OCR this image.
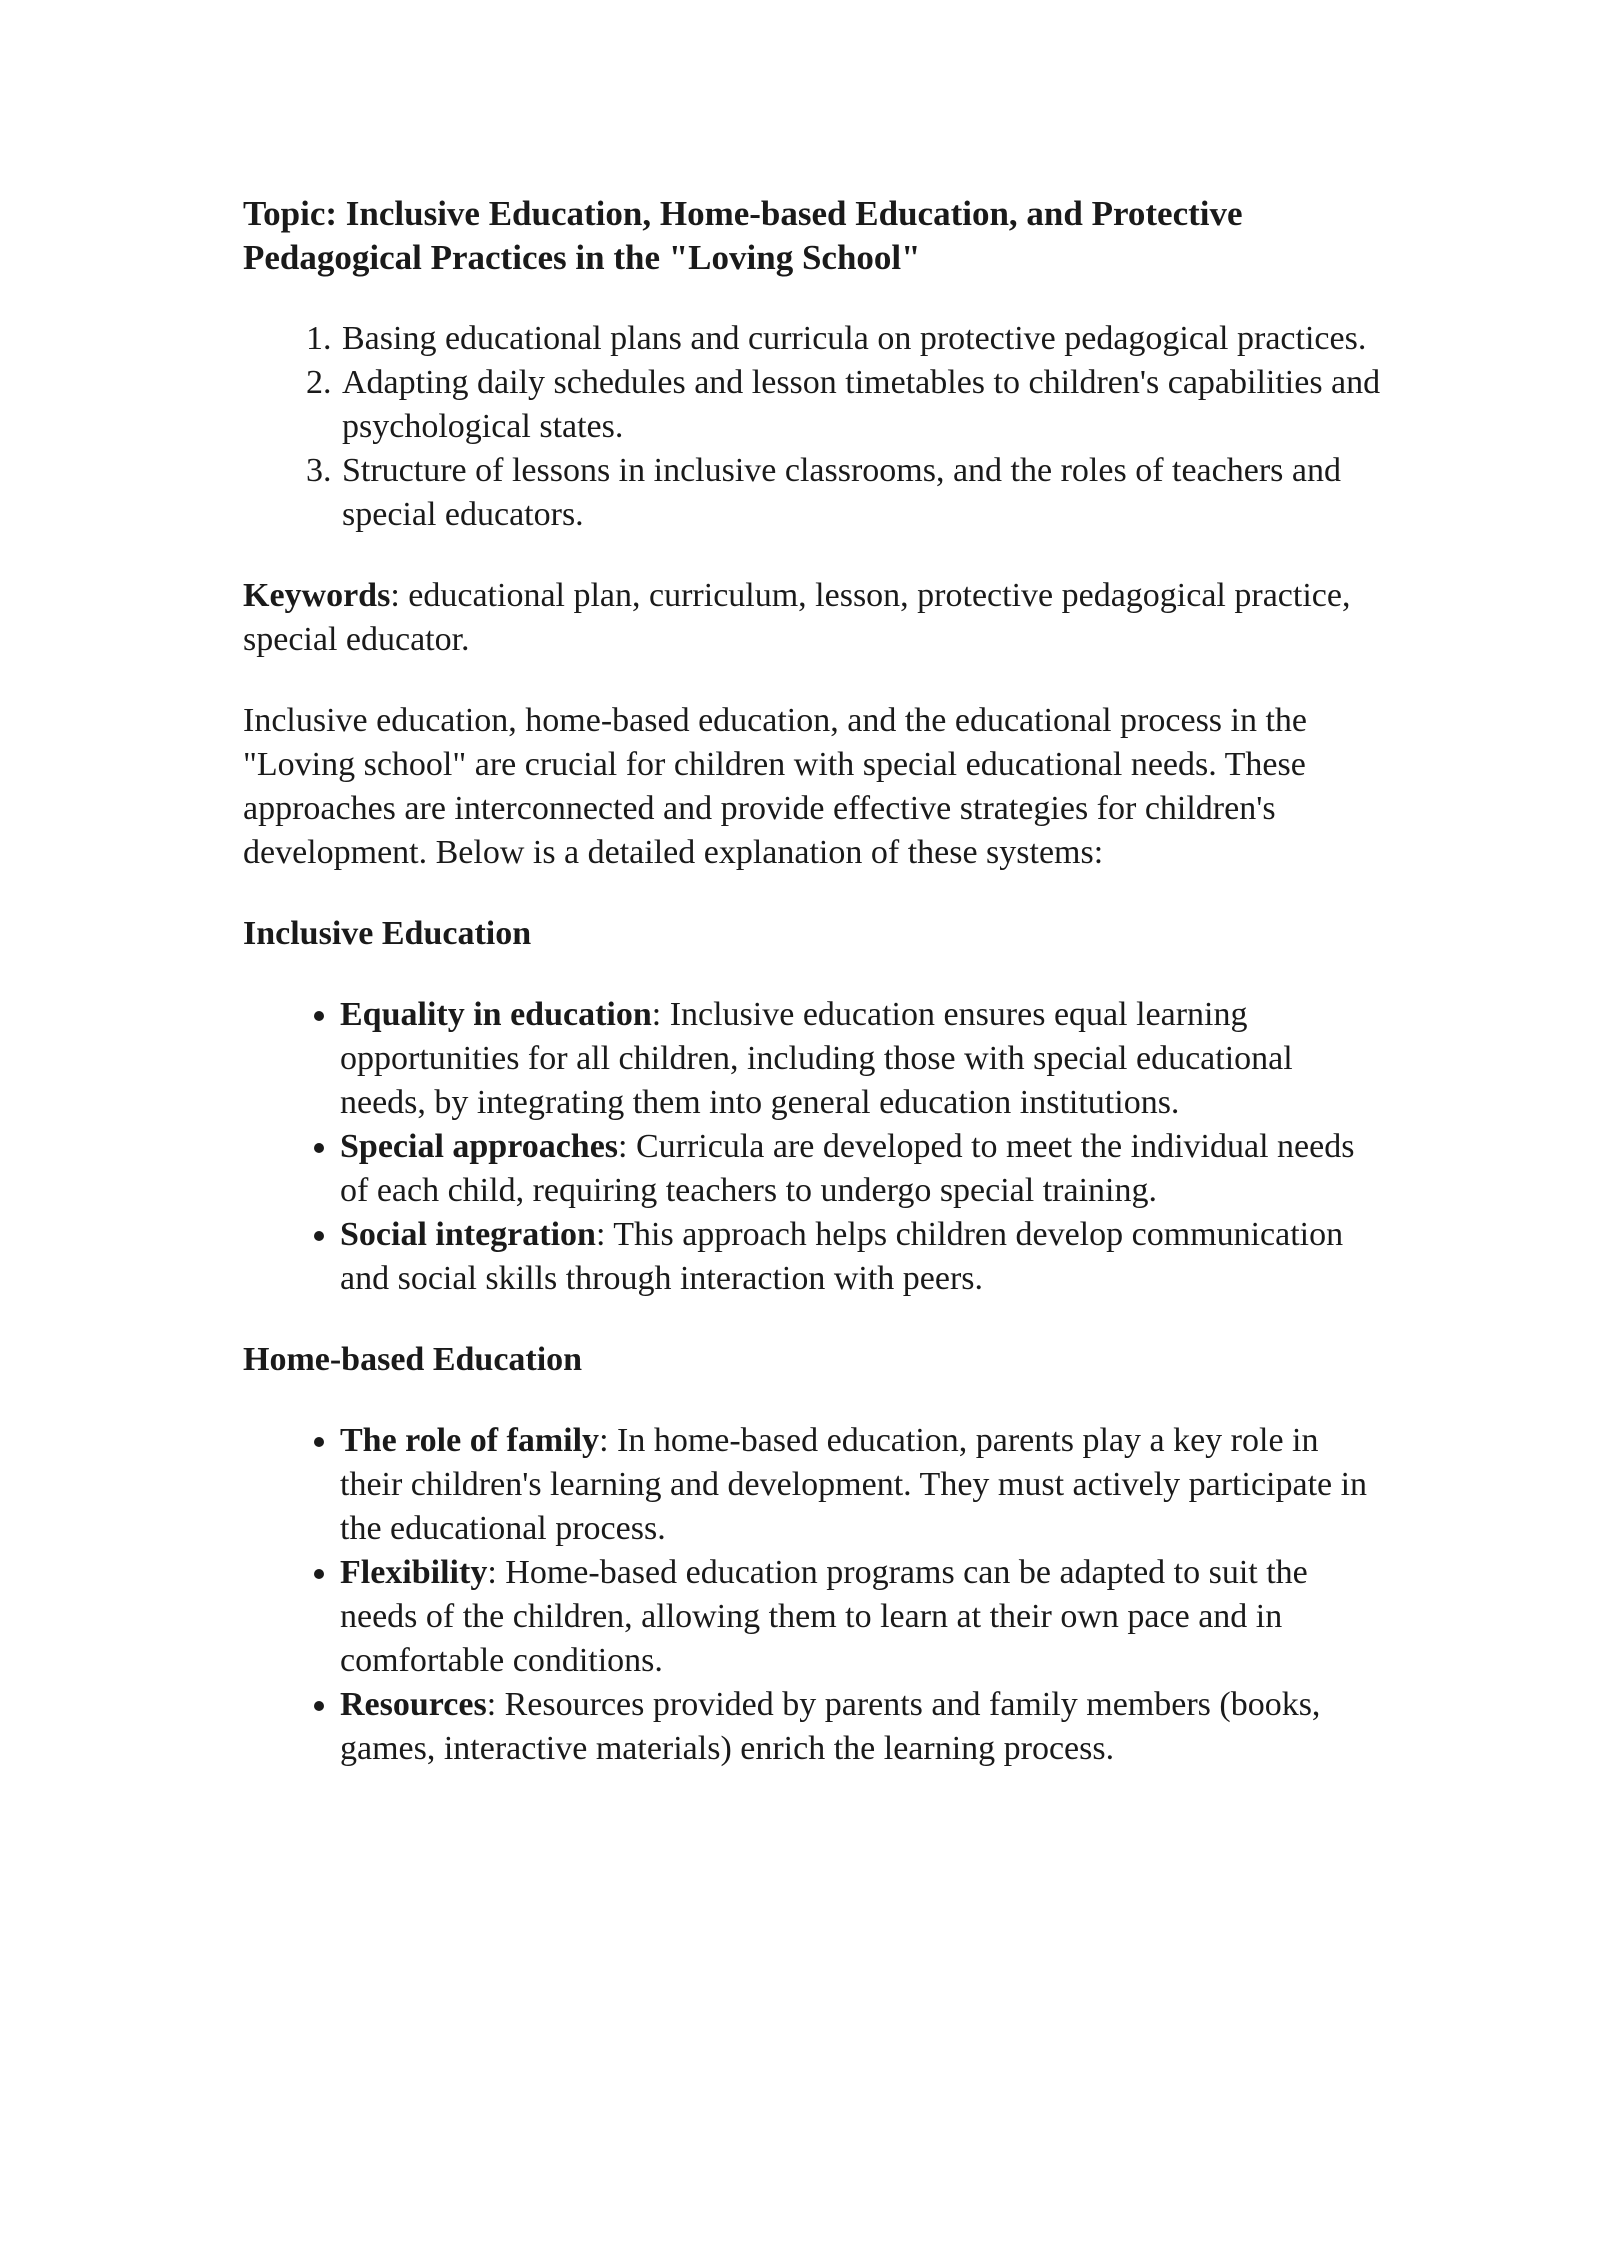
Topic: Inclusive Education, Home-based Education, and Protective Pedagogical Practices in the "Loving School"
1. Basing educational plans and curricula on protective pedagogical practices.
2. Adapting daily schedules and lesson timetables to children's capabilities and psychological states.
3. Structure of lessons in inclusive classrooms, and the roles of teachers and special educators.

Keywords: educational plan, curriculum, lesson, protective pedagogical practice, special educator.

Inclusive education, home-based education, and the educational process in the "Loving school" are crucial for children with special educational needs. These approaches are interconnected and provide effective strategies for children's development. Below is a detailed explanation of these systems:

Inclusive Education
• Equality in education: Inclusive education ensures equal learning opportunities for all children, including those with special educational needs, by integrating them into general education institutions.
• Special approaches: Curricula are developed to meet the individual needs of each child, requiring teachers to undergo special training.
• Social integration: This approach helps children develop communication and social skills through interaction with peers.
Home-based Education
• The role of family: In home-based education, parents play a key role in their children's learning and development. They must actively participate in the educational process.
• Flexibility: Home-based education programs can be adapted to suit the needs of the children, allowing them to learn at their own pace and in comfortable conditions.
• Resources: Resources provided by parents and family members (books, games, interactive materials) enrich the learning process.
